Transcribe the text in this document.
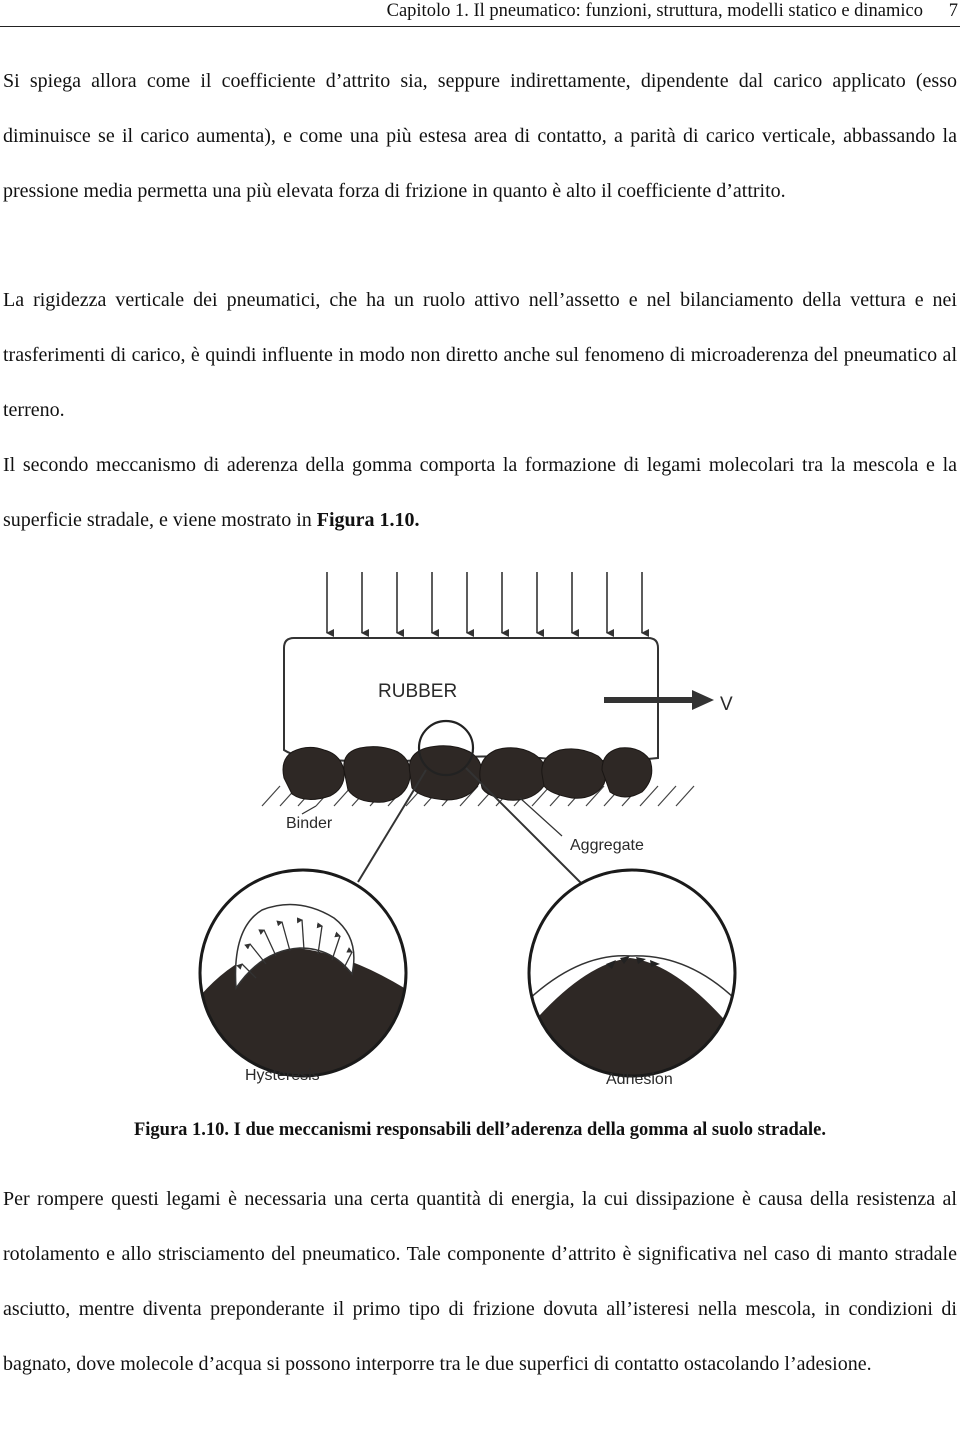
Capitolo 1. Il pneumatico: funzioni, struttura, modelli statico e dinamico 7

Si spiega allora come il coefficiente d’attrito sia, seppure indirettamente, dipendente dal carico applicato (esso diminuisce se il carico aumenta), e come una più estesa area di contatto, a parità di carico verticale, abbassando la pressione media permetta una più elevata forza di frizione in quanto è alto il coefficiente d’attrito.

La rigidezza verticale dei pneumatici, che ha un ruolo attivo nell’assetto e nel bilanciamento della vettura e nei trasferimenti di carico, è quindi influente in modo non diretto anche sul fenomeno di microaderenza del pneumatico al terreno.

Il secondo meccanismo di aderenza della gomma comporta la formazione di legami molecolari tra la mescola e la superficie stradale, e viene mostrato in Figura 1.10.

RUBBER
V
Binder
Aggregate
Hysteresis	Adhesion
Figura 1.10. I due meccanismi responsabili dell’aderenza della gomma al suolo stradale.

Per rompere questi legami è necessaria una certa quantità di energia, la cui dissipazione è causa della resistenza al rotolamento e allo strisciamento del pneumatico. Tale componente d’attrito è significativa nel caso di manto stradale asciutto, mentre diventa preponderante il primo tipo di frizione dovuta all’isteresi nella mescola, in condizioni di bagnato, dove molecole d’acqua si possono interporre tra le due superfici di contatto ostacolando l’adesione.
